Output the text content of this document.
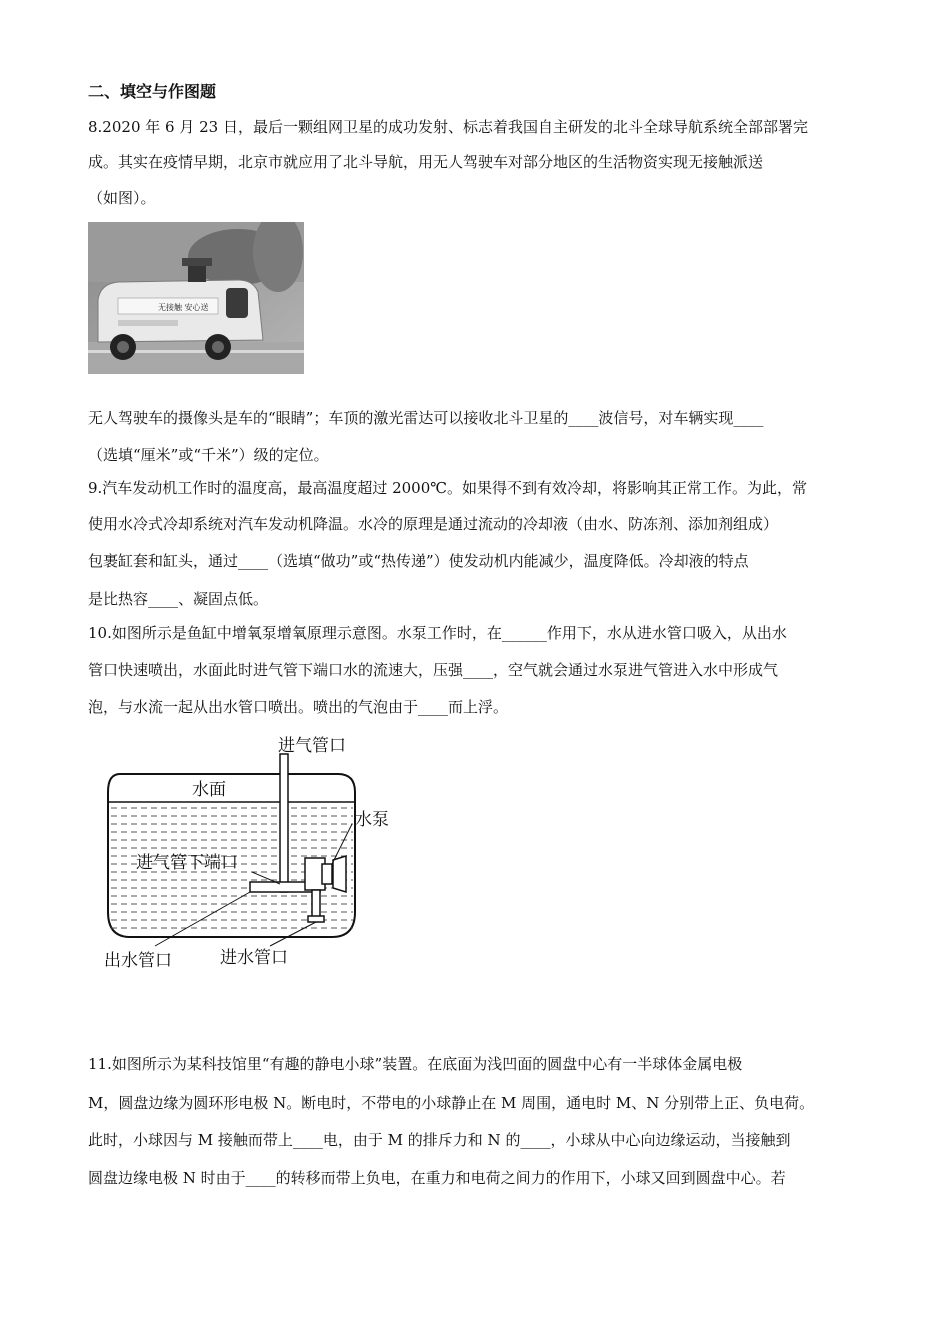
二、填空与作图题
8.2020 年 6 月 23 日，最后一颗组网卫星的成功发射、标志着我国自主研发的北斗全球导航系统全部部署完
成。其实在疫情早期，北京市就应用了北斗导航，用无人驾驶车对部分地区的生活物资实现无接触派送
（如图）。
无接触 安心送
无人驾驶车的摄像头是车的“眼睛”；车顶的激光雷达可以接收北斗卫星的____波信号，对车辆实现____
（选填“厘米”或“千米”）级的定位。
9.汽车发动机工作时的温度高，最高温度超过 2000℃。如果得不到有效冷却，将影响其正常工作。为此，常
使用水冷式冷却系统对汽车发动机降温。水冷的原理是通过流动的冷却液（由水、防冻剂、添加剂组成）
包裹缸套和缸头，通过____（选填“做功”或“热传递”）使发动机内能减少，温度降低。冷却液的特点
是比热容____、凝固点低。
10.如图所示是鱼缸中增氧泵增氧原理示意图。水泵工作时，在______作用下，水从进水管口吸入，从出水
管口快速喷出，水面此时进气管下端口水的流速大，压强____，空气就会通过水泵进气管进入水中形成气
泡，与水流一起从出水管口喷出。喷出的气泡由于____而上浮。
进气管口
水面
水泵
进气管下端口
出水管口	进水管口
11.如图所示为某科技馆里“有趣的静电小球”装置。在底面为浅凹面的圆盘中心有一半球体金属电极
M，圆盘边缘为圆环形电极 N。断电时，不带电的小球静止在 M 周围，通电时 M、N 分别带上正、负电荷。
此时，小球因与 M 接触而带上____电，由于 M 的排斥力和 N 的____，小球从中心向边缘运动，当接触到
圆盘边缘电极 N 时由于____的转移而带上负电，在重力和电荷之间力的作用下，小球又回到圆盘中心。若
